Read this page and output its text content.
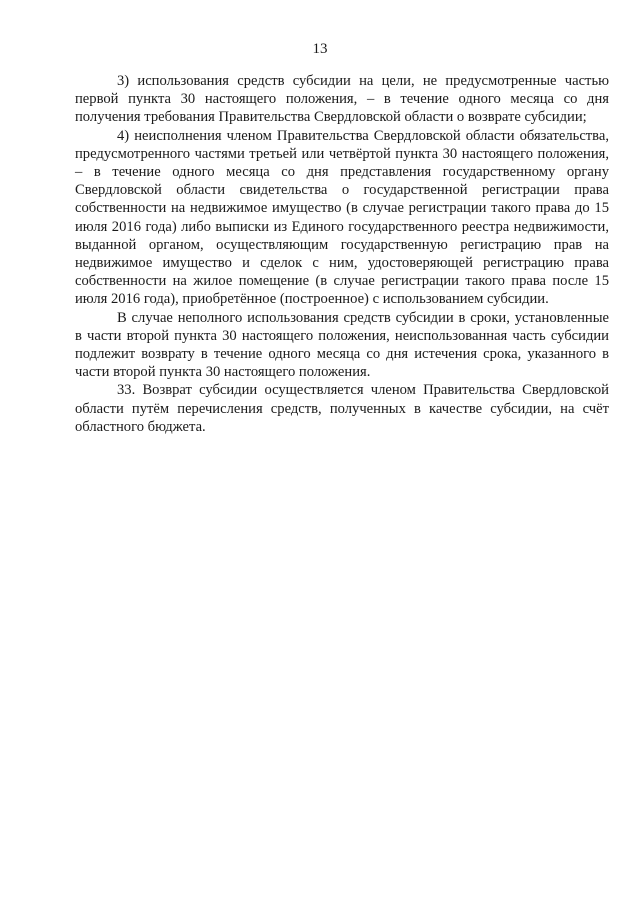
13

3) использования средств субсидии на цели, не предусмотренные частью первой пункта 30 настоящего положения, – в течение одного месяца со дня получения требования Правительства Свердловской области о возврате субсидии;

4) неисполнения членом Правительства Свердловской области обязательства, предусмотренного частями третьей или четвёртой пункта 30 настоящего положения, – в течение одного месяца со дня представления государственному органу Свердловской области свидетельства о государственной регистрации права собственности на недвижимое имущество (в случае регистрации такого права до 15 июля 2016 года) либо выписки из Единого государственного реестра недвижимости, выданной органом, осуществляющим государственную регистрацию прав на недвижимое имущество и сделок с ним, удостоверяющей регистрацию права собственности на жилое помещение (в случае регистрации такого права после 15 июля 2016 года), приобретённое (построенное) с использованием субсидии.

В случае неполного использования средств субсидии в сроки, установленные в части второй пункта 30 настоящего положения, неиспользованная часть субсидии подлежит возврату в течение одного месяца со дня истечения срока, указанного в части второй пункта 30 настоящего положения.

33. Возврат субсидии осуществляется членом Правительства Свердловской области путём перечисления средств, полученных в качестве субсидии, на счёт областного бюджета.
